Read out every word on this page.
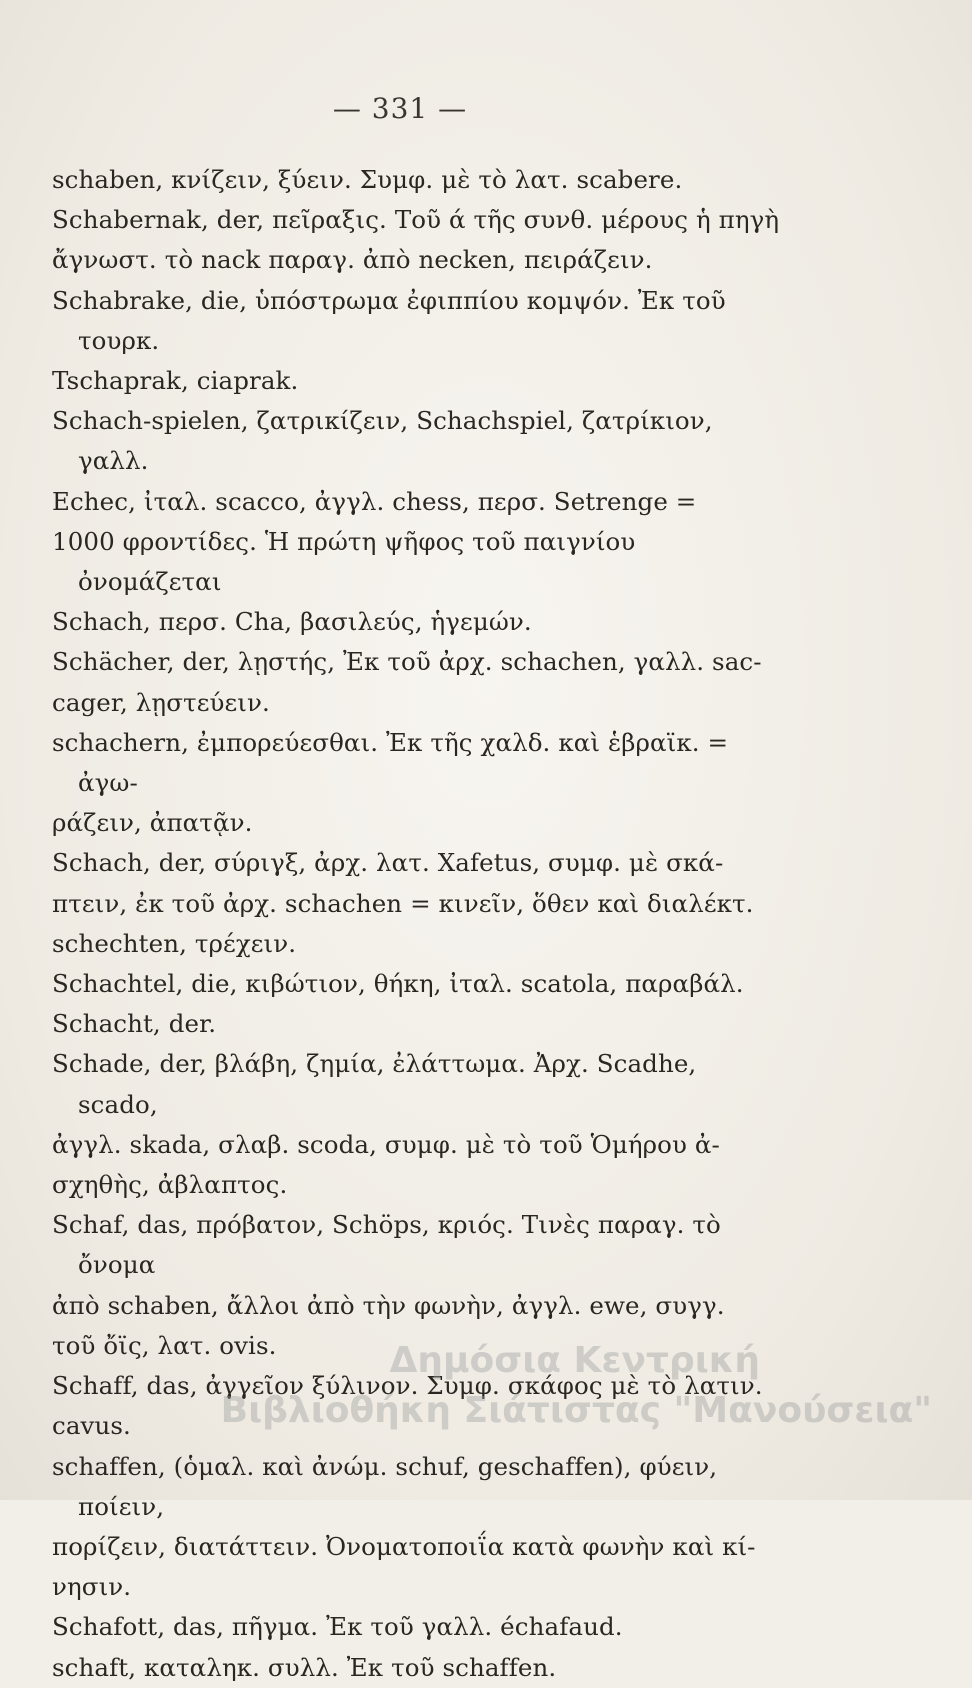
— 331 —

schaben, κνίζειν, ξύειν. Συμφ. μὲ τὸ λατ. scabere.

Schabernak, der, πεῖραξις. Τοῦ ά τῆς συνθ. μέρους ἡ πηγὴ
ἄγνωστ. τὸ nack παραγ. ἀπὸ necken, πειράζειν.

Schabrake, die, ὑπόστρωμα ἐφιππίου κομψόν. Ἐκ τοῦ τουρκ.
Tschaprak, ciaprak.

Schach-spielen, ζατρικίζειν, Schachspiel, ζατρίκιον, γαλλ.
Echec, ἰταλ. scacco, ἀγγλ. chess, περσ. Setrenge =
1000 φροντίδες. Ἡ πρώτη ψῆφος τοῦ παιγνίου ὀνομάζεται
Schach, περσ. Cha, βασιλεύς, ἡγεμών.

Schächer, der, λῃστής, Ἐκ τοῦ ἀρχ. schachen, γαλλ. sac-
cager, λῃστεύειν.

schachern, ἐμπορεύεσθαι. Ἐκ τῆς χαλδ. καὶ ἑβραϊκ. = ἀγω-
ράζειν, ἀπατᾷν.

Schach, der, σύριγξ, ἀρχ. λατ. Xafetus, συμφ. μὲ σκά-
πτειν, ἐκ τοῦ ἀρχ. schachen = κινεῖν, ὅθεν καὶ διαλέκτ.
schechten, τρέχειν.

Schachtel, die, κιβώτιον, θήκη, ἰταλ. scatola, παραβάλ.
Schacht, der.

Schade, der, βλάβη, ζημία, ἐλάττωμα. Ἀρχ. Scadhe, scado,
ἀγγλ. skada, σλαβ. scoda, συμφ. μὲ τὸ τοῦ Ὁμήρου ἀ-
σχηθὴς, ἀβλαπτος.

Schaf, das, πρόβατον, Schöps, κριός. Τινὲς παραγ. τὸ ὄνομα
ἀπὸ schaben, ἄλλοι ἀπὸ τὴν φωνὴν, ἀγγλ. ewe, συγγ.
τοῦ ὄϊς, λατ. ovis.

Schaff, das, ἀγγεῖον ξύλινον. Συμφ. σκάφος μὲ τὸ λατιν.
cavus.

schaffen, (ὁμαλ. καὶ ἀνώμ. schuf, geschaffen), φύειν, ποίειν,
πορίζειν, διατάττειν. Ὀνοματοποιΐα κατὰ φωνὴν καὶ κί-
νησιν.

Schafott, das, πῆγμα. Ἐκ τοῦ γαλλ. échafaud.

schaft, καταληκ. συλλ. Ἐκ τοῦ schaffen.

Δημόσια Κεντρική
Βιβλιοθήκη Σιάτιστας "Μανούσεια"
